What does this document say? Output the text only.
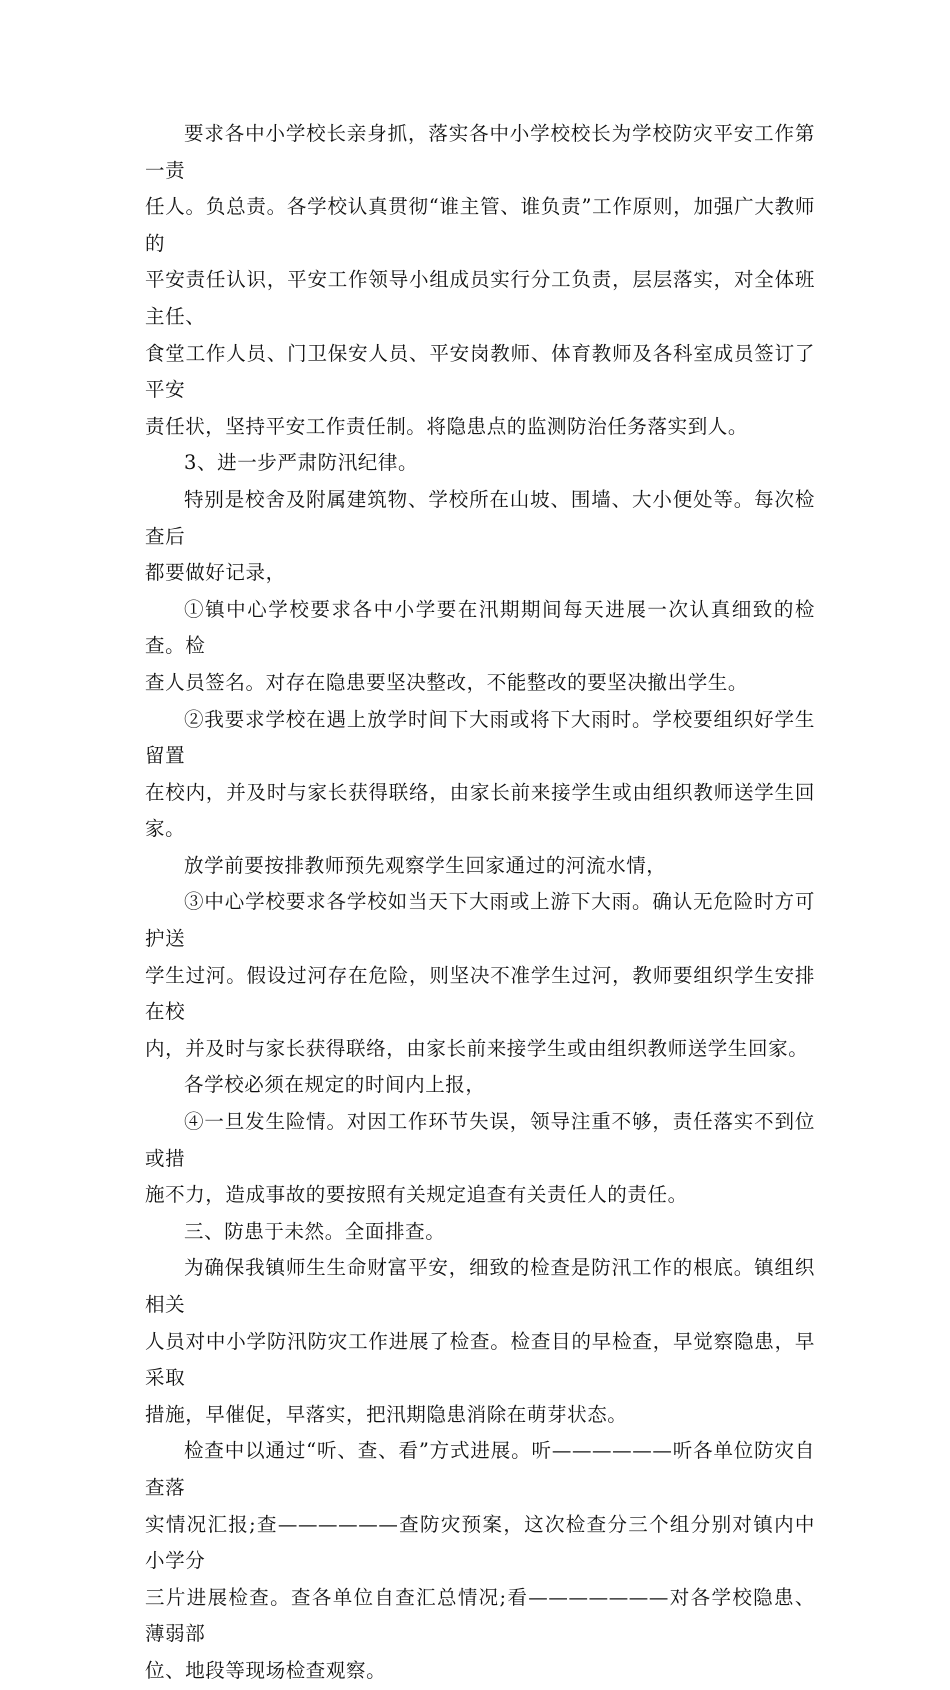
要求各中小学校长亲身抓，落实各中小学校校长为学校防灾平安工作第一责
任人。负总责。各学校认真贯彻“谁主管、谁负责”工作原则，加强广大教师的
平安责任认识，平安工作领导小组成员实行分工负责，层层落实，对全体班主任、
食堂工作人员、门卫保安人员、平安岗教师、体育教师及各科室成员签订了平安
责任状，坚持平安工作责任制。将隐患点的监测防治任务落实到人。

3、进一步严肃防汛纪律。

特别是校舍及附属建筑物、学校所在山坡、围墙、大小便处等。每次检查后
都要做好记录，

①镇中心学校要求各中小学要在汛期期间每天进展一次认真细致的检查。检
查人员签名。对存在隐患要坚决整改，不能整改的要坚决撤出学生。

②我要求学校在遇上放学时间下大雨或将下大雨时。学校要组织好学生留置
在校内，并及时与家长获得联络，由家长前来接学生或由组织教师送学生回家。

放学前要按排教师预先观察学生回家通过的河流水情，

③中心学校要求各学校如当天下大雨或上游下大雨。确认无危险时方可护送
学生过河。假设过河存在危险，则坚决不准学生过河，教师要组织学生安排在校
内，并及时与家长获得联络，由家长前来接学生或由组织教师送学生回家。

各学校必须在规定的时间内上报，

④一旦发生险情。对因工作环节失误，领导注重不够，责任落实不到位或措
施不力，造成事故的要按照有关规定追查有关责任人的责任。

三、防患于未然。全面排查。

为确保我镇师生生命财富平安，细致的检查是防汛工作的根底。镇组织相关
人员对中小学防汛防灾工作进展了检查。检查目的早检查，早觉察隐患，早采取
措施，早催促，早落实，把汛期隐患消除在萌芽状态。

检查中以通过“听、查、看”方式进展。听——————听各单位防灾自查落
实情况汇报;查——————查防灾预案，这次检查分三个组分别对镇内中小学分
三片进展检查。查各单位自查汇总情况;看———————对各学校隐患、薄弱部
位、地段等现场检查观察。
